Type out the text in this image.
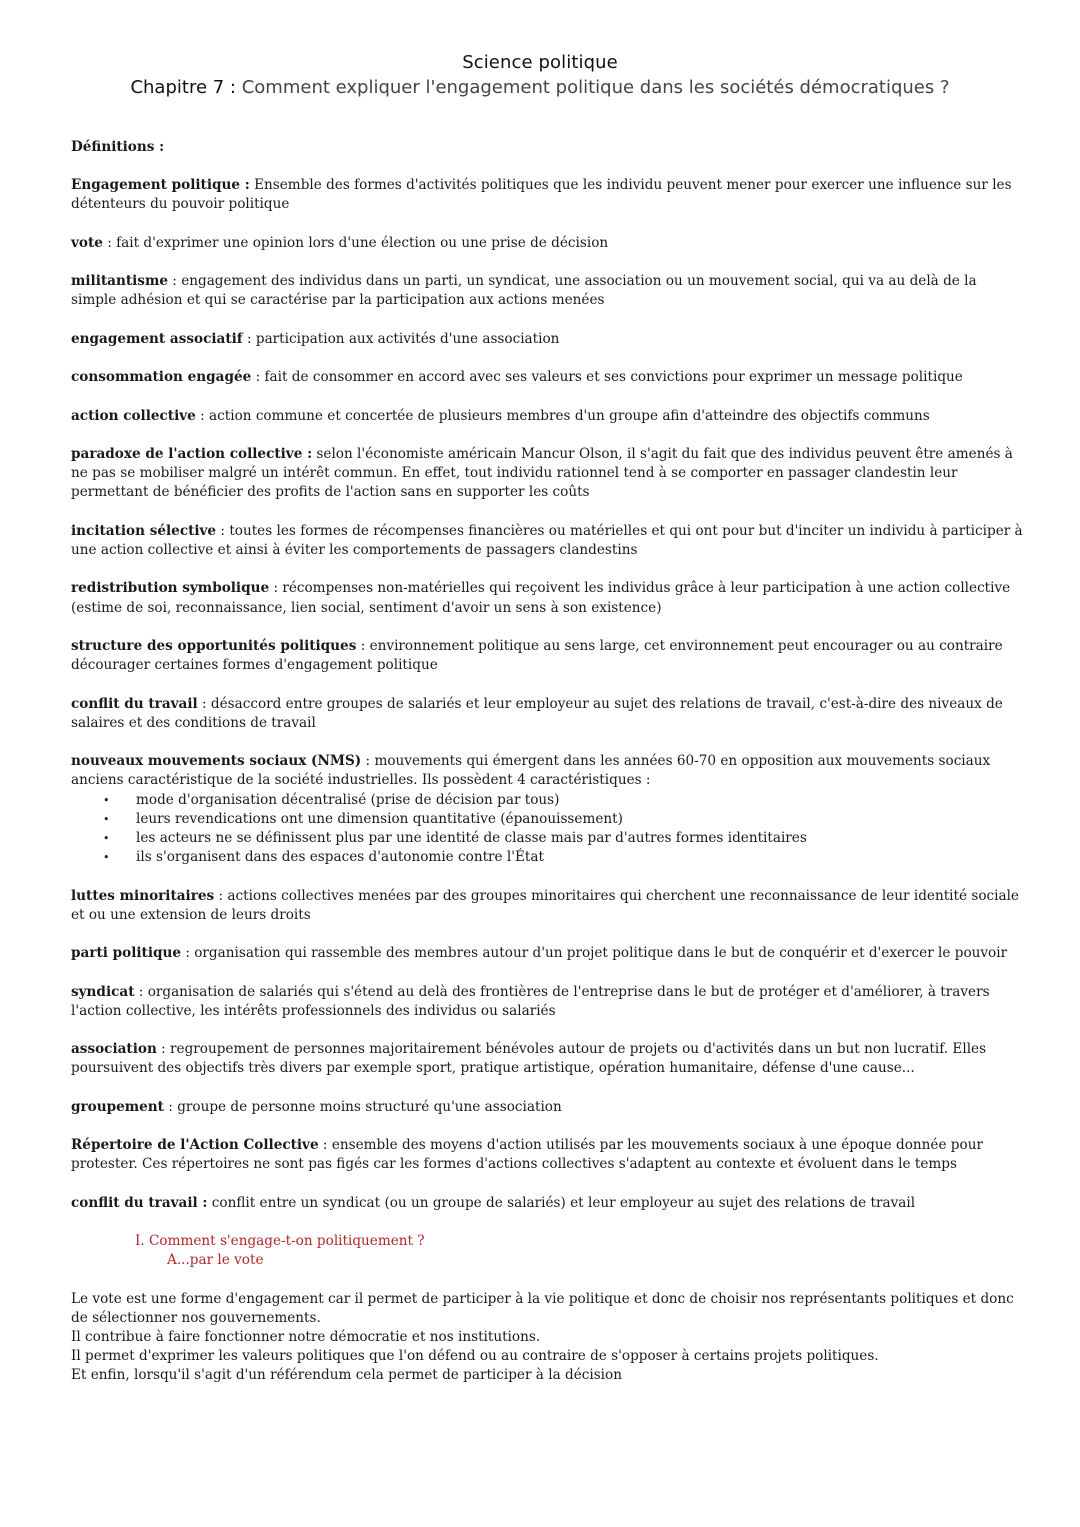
Science politique
Chapitre 7 : Comment expliquer l'engagement politique dans les sociétés démocratiques ?
Définitions :
Engagement politique : Ensemble des formes d'activités politiques que les individu peuvent mener pour exercer une influence sur les détenteurs du pouvoir politique
vote : fait d'exprimer une opinion lors d'une élection ou une prise de décision
militantisme : engagement des individus dans un parti, un syndicat, une association ou un mouvement social, qui va au delà de la simple adhésion et qui se caractérise par la participation aux actions menées
engagement associatif : participation aux activités d'une association
consommation engagée : fait de consommer en accord avec ses valeurs et ses convictions pour exprimer un message politique
action collective : action commune et concertée de plusieurs membres d'un groupe afin d'atteindre des objectifs communs
paradoxe de l'action collective : selon l'économiste américain Mancur Olson, il s'agit du fait que des individus peuvent être amenés à ne pas se mobiliser malgré un intérêt commun. En effet, tout individu rationnel tend à se comporter en passager clandestin leur permettant de bénéficier des profits de l'action sans en supporter les coûts
incitation sélective : toutes les formes de récompenses financières ou matérielles et qui ont pour but d'inciter un individu à participer à une action collective et ainsi à éviter les comportements de passagers clandestins
redistribution symbolique : récompenses non-matérielles qui reçoivent les individus grâce à leur participation à une action collective (estime de soi, reconnaissance, lien social, sentiment d'avoir un sens à son existence)
structure des opportunités politiques : environnement politique au sens large, cet environnement peut encourager ou au contraire décourager certaines formes d'engagement politique
conflit du travail : désaccord entre groupes de salariés et leur employeur au sujet des relations de travail, c'est-à-dire des niveaux de salaires et des conditions de travail
nouveaux mouvements sociaux (NMS) : mouvements qui émergent dans les années 60-70 en opposition aux mouvements sociaux anciens caractéristique de la société industrielles. Ils possèdent 4 caractéristiques :
• mode d'organisation décentralisé (prise de décision par tous)
• leurs revendications ont une dimension quantitative (épanouissement)
• les acteurs ne se définissent plus par une identité de classe mais par d'autres formes identitaires
• ils s'organisent dans des espaces d'autonomie contre l'État
luttes minoritaires : actions collectives menées par des groupes minoritaires qui cherchent une reconnaissance de leur identité sociale et ou une extension de leurs droits
parti politique : organisation qui rassemble des membres autour d'un projet politique dans le but de conquérir et d'exercer le pouvoir
syndicat : organisation de salariés qui s'étend au delà des frontières de l'entreprise dans le but de protéger et d'améliorer, à travers l'action collective, les intérêts professionnels des individus ou salariés
association : regroupement de personnes majoritairement bénévoles autour de projets ou d'activités dans un but non lucratif. Elles poursuivent des objectifs très divers par exemple sport, pratique artistique, opération humanitaire, défense d'une cause...
groupement : groupe de personne moins structuré qu'une association
Répertoire de l'Action Collective : ensemble des moyens d'action utilisés par les mouvements sociaux à une époque donnée pour protester. Ces répertoires ne sont pas figés car les formes d'actions collectives s'adaptent au contexte et évoluent dans le temps
conflit du travail : conflit entre un syndicat (ou un groupe de salariés) et leur employeur au sujet des relations de travail
I. Comment s'engage-t-on politiquement ?
A...par le vote

Le vote est une forme d'engagement car il permet de participer à la vie politique et donc de choisir nos représentants politiques et donc de sélectionner nos gouvernements.

Il contribue à faire fonctionner notre démocratie et nos institutions.

Il permet d'exprimer les valeurs politiques que l'on défend ou au contraire de s'opposer à certains projets politiques.

Et enfin, lorsqu'il s'agit d'un référendum cela permet de participer à la décision
